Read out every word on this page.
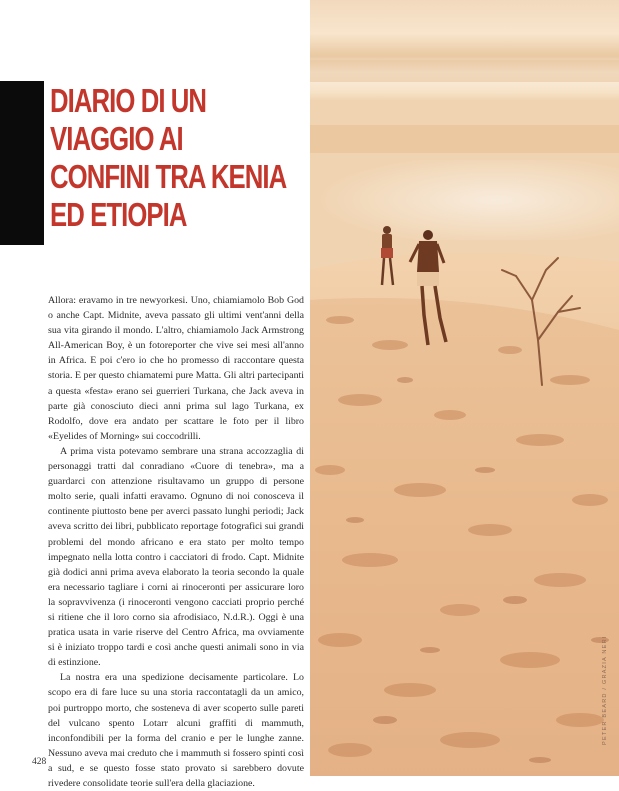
DIARIO DI UN
VIAGGIO AI
CONFINI TRA KENIA
ED ETIOPIA

Allora: eravamo in tre newyorkesi. Uno, chiamiamolo Bob God o anche Capt. Midnite, aveva passato gli ultimi vent'anni della sua vita girando il mondo. L'altro, chiamiamolo Jack Armstrong All-American Boy, è un fotoreporter che vive sei mesi all'anno in Africa. E poi c'ero io che ho promesso di raccontare questa storia. E per questo chiamatemi pure Matta. Gli altri partecipanti a questa «festa» erano sei guerrieri Turkana, che Jack aveva in parte già conosciuto dieci anni prima sul lago Turkana, ex Rodolfo, dove era andato per scattare le foto per il libro «Eyelides of Morning» sui coccodrilli.

A prima vista potevamo sembrare una strana accozzaglia di personaggi tratti dal conradiano «Cuore di tenebra», ma a guardarci con attenzione risultavamo un gruppo di persone molto serie, quali infatti eravamo. Ognuno di noi conosceva il continente piuttosto bene per averci passato lunghi periodi; Jack aveva scritto dei libri, pubblicato reportage fotografici sui grandi problemi del mondo africano e era stato per molto tempo impegnato nella lotta contro i cacciatori di frodo. Capt. Midnite già dodici anni prima aveva elaborato la teoria secondo la quale era necessario tagliare i corni ai rinoceronti per assicurare loro la sopravvivenza (i rinoceronti vengono cacciati proprio perché si ritiene che il loro corno sia afrodisiaco, N.d.R.). Oggi è una pratica usata in varie riserve del Centro Africa, ma ovviamente si è iniziato troppo tardi e così anche questi animali sono in via di estinzione.

La nostra era una spedizione decisamente particolare. Lo scopo era di fare luce su una storia raccontatagli da un amico, poi purtroppo morto, che sosteneva di aver scoperto sulle pareti del vulcano spento Lotarr alcuni graffiti di mammuth, inconfondibili per la forma del cranio e per le lunghe zanne. Nessuno aveva mai creduto che i mammuth si fossero spinti così a sud, e se questo fosse stato provato si sarebbero dovute rivedere consolidate teorie sull'era della glaciazione.

428
PETER BEARD / GRAZIA NERI
